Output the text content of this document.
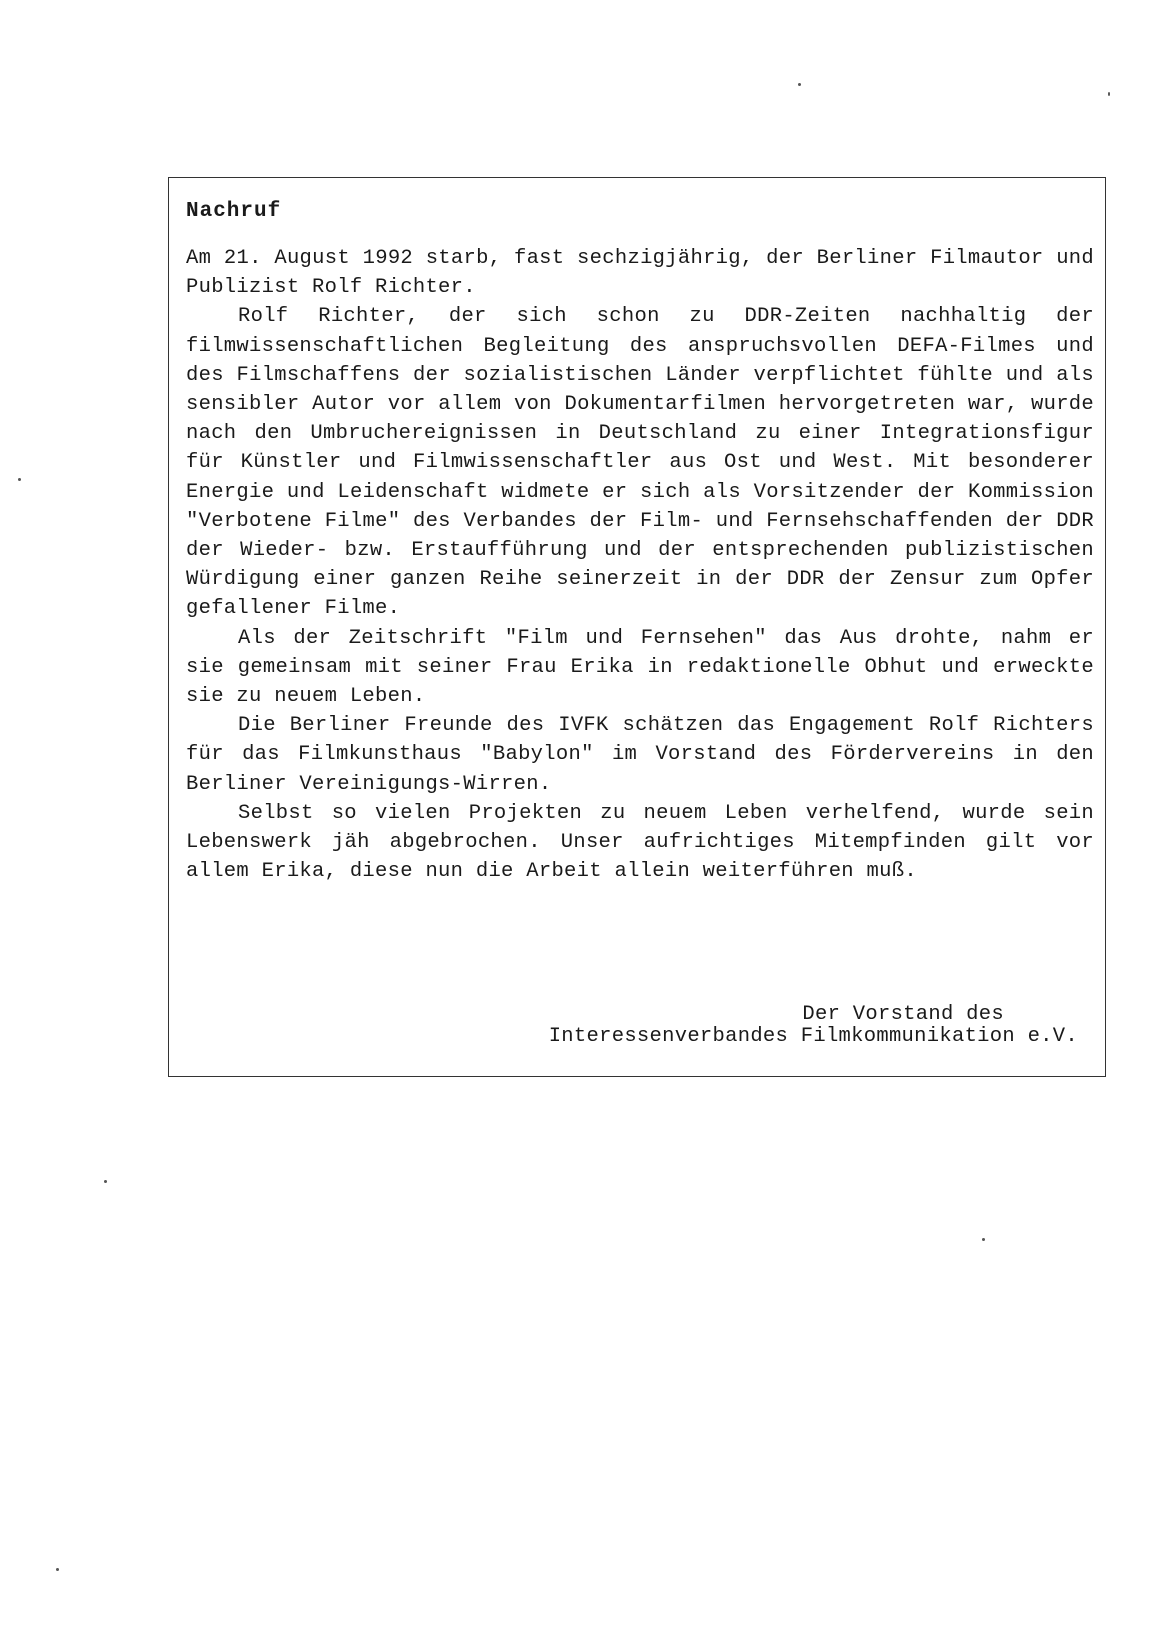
Nachruf

Am 21. August 1992 starb, fast sechzigjährig, der Berliner Filmautor und Publizist Rolf Richter.

Rolf Richter, der sich schon zu DDR-Zeiten nachhaltig der filmwissenschaftlichen Begleitung des anspruchsvollen DEFA-Filmes und des Filmschaffens der sozialistischen Länder verpflichtet fühlte und als sensibler Autor vor allem von Dokumentarfilmen hervorgetreten war, wurde nach den Umbruchereignissen in Deutschland zu einer Integrationsfigur für Künstler und Filmwissenschaftler aus Ost und West. Mit besonderer Energie und Leidenschaft widmete er sich als Vorsitzender der Kommission "Verbotene Filme" des Verbandes der Film- und Fernsehschaffenden der DDR der Wieder- bzw. Erstaufführung und der entsprechenden publizistischen Würdigung einer ganzen Reihe seinerzeit in der DDR der Zensur zum Opfer gefallener Filme.

Als der Zeitschrift "Film und Fernsehen" das Aus drohte, nahm er sie gemeinsam mit seiner Frau Erika in redaktionelle Obhut und erweckte sie zu neuem Leben.

Die Berliner Freunde des IVFK schätzen das Engagement Rolf Richters für das Filmkunsthaus "Babylon" im Vorstand des Fördervereins in den Berliner Vereinigungs-Wirren.

Selbst so vielen Projekten zu neuem Leben verhelfend, wurde sein Lebenswerk jäh abgebrochen. Unser aufrichtiges Mitempfinden gilt vor allem Erika, diese nun die Arbeit allein weiterführen muß.

Der Vorstand des
Interessenverbandes Filmkommunikation e.V.
